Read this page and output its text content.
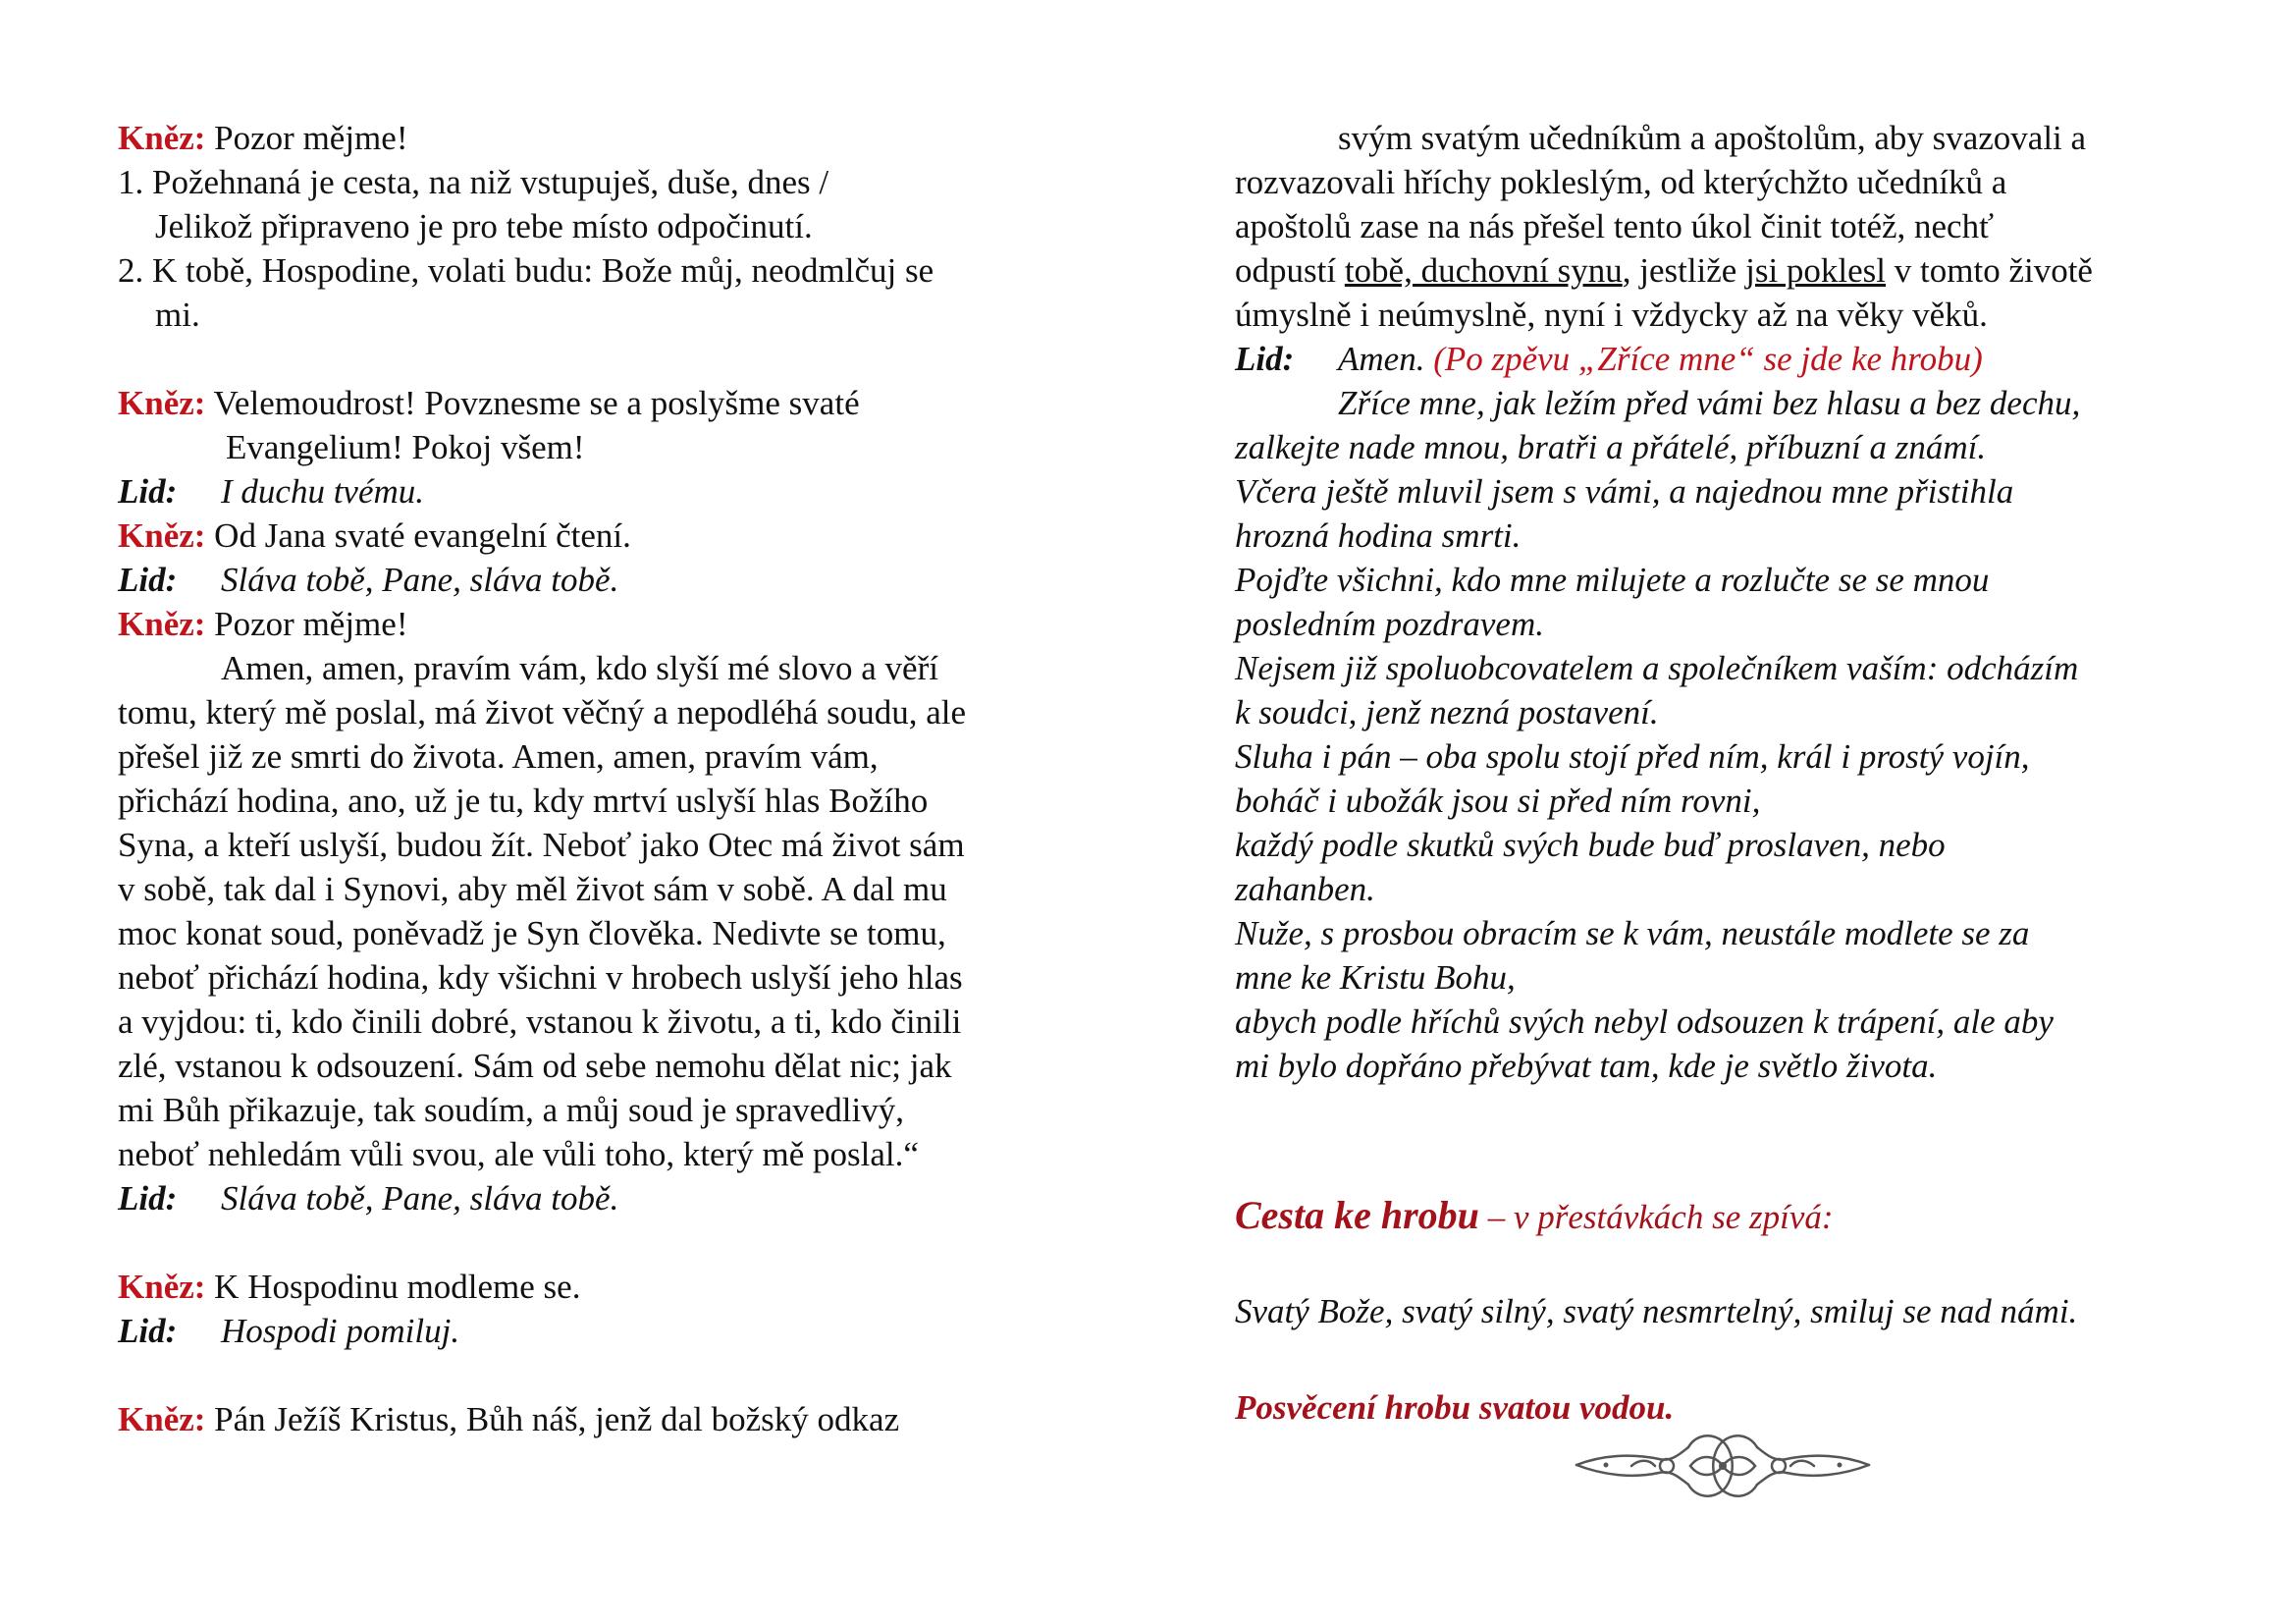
Kněz: Pozor mějme!
1. Požehnaná je cesta, na niž vstupuješ, duše, dnes /
Jelikož připraveno je pro tebe místo odpočinutí.
2. K tobě, Hospodine, volati budu: Bože můj, neodmlčuj se
mi.
Kněz: Velemoudrost! Povznesme se a poslyšme svaté
Evangelium! Pokoj všem!
Lid: I duchu tvému.
Kněz: Od Jana svaté evangelní čtení.
Lid: Sláva tobě, Pane, sláva tobě.
Kněz: Pozor mějme!
Amen, amen, pravím vám, kdo slyší mé slovo a věří
tomu, který mě poslal, má život věčný a nepodléhá soudu, ale
přešel již ze smrti do života. Amen, amen, pravím vám,
přichází hodina, ano, už je tu, kdy mrtví uslyší hlas Božího
Syna, a kteří uslyší, budou žít. Neboť jako Otec má život sám
v sobě, tak dal i Synovi, aby měl život sám v sobě. A dal mu
moc konat soud, poněvadž je Syn člověka. Nedivte se tomu,
neboť přichází hodina, kdy všichni v hrobech uslyší jeho hlas
a vyjdou: ti, kdo činili dobré, vstanou k životu, a ti, kdo činili
zlé, vstanou k odsouzení. Sám od sebe nemohu dělat nic; jak
mi Bůh přikazuje, tak soudím, a můj soud je spravedlivý,
neboť nehledám vůli svou, ale vůli toho, který mě poslal.“
Lid: Sláva tobě, Pane, sláva tobě.
Kněz: K Hospodinu modleme se.
Lid: Hospodi pomiluj.
Kněz: Pán Ježíš Kristus, Bůh náš, jenž dal božský odkaz
svým svatým učedníkům a apoštolům, aby svazovali a
rozvazovali hříchy pokleslým, od kterýchžto učedníků a
apoštolů zase na nás přešel tento úkol činit totéž, nechť
odpustí tobě, duchovní synu, jestliže jsi poklesl v tomto životě
úmyslně i neúmyslně, nyní i vždycky až na věky věků.
Lid: Amen. (Po zpěvu „Zříce mne“ se jde ke hrobu)
Zříce mne, jak ležím před vámi bez hlasu a bez dechu,
zalkejte nade mnou, bratři a přátelé, příbuzní a známí.
Včera ještě mluvil jsem s vámi, a najednou mne přistihla
hrozná hodina smrti.
Pojďte všichni, kdo mne milujete a rozlučte se se mnou
posledním pozdravem.
Nejsem již spoluobcovatelem a společníkem vaším: odcházím
k soudci, jenž nezná postavení.
Sluha i pán – oba spolu stojí před ním, král i prostý vojín,
boháč i ubožák jsou si před ním rovni,
každý podle skutků svých bude buď proslaven, nebo
zahanben.
Nuže, s prosbou obracím se k vám, neustále modlete se za
mne ke Kristu Bohu,
abych podle hříchů svých nebyl odsouzen k trápení, ale aby
mi bylo dopřáno přebývat tam, kde je světlo života.
Cesta ke hrobu – v přestávkách se zpívá:
Svatý Bože, svatý silný, svatý nesmrtelný, smiluj se nad námi.
Posvěcení hrobu svatou vodou.
